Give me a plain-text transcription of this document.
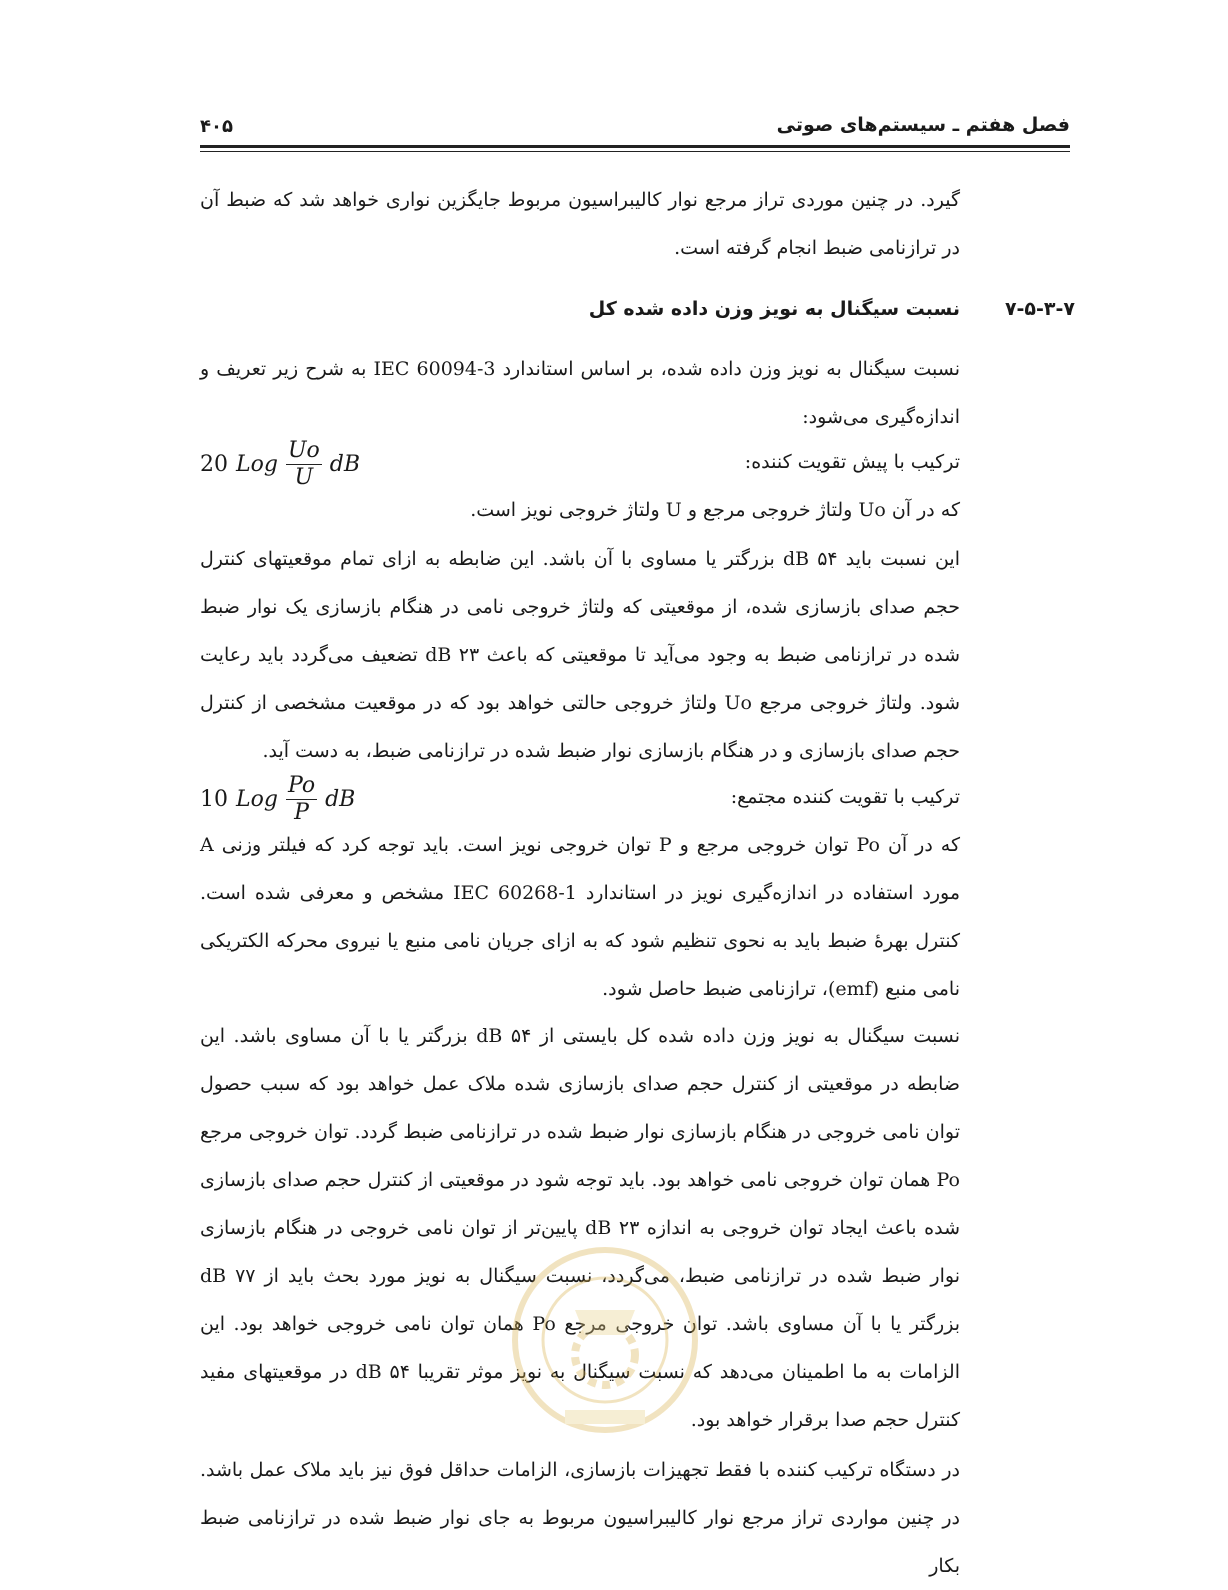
فصل هفتم ـ سیستم‌های صوتی
۴۰۵

گیرد. در چنین موردی تراز مرجع نوار کالیبراسیون مربوط جایگزین نواری خواهد شد که ضبط آن در ترازنامی ضبط انجام گرفته است.

۷-۵-۳-۷
نسبت سیگنال به نویز وزن داده شده کل

نسبت سیگنال به نویز وزن داده شده، بر اساس استاندارد IEC 60094-3 به شرح زیر تعریف و اندازه‌گیری می‌شود:

ترکیب با پیش تقویت کننده:
20 Log $\frac{Uo}{U}$ dB

که در آن Uo ولتاژ خروجی مرجع و U ولتاژ خروجی نویز است.

این نسبت باید ۵۴ dB بزرگتر یا مساوی با آن باشد. این ضابطه به ازای تمام موقعیتهای کنترل حجم صدای بازسازی شده، از موقعیتی که ولتاژ خروجی نامی در هنگام بازسازی یک نوار ضبط شده در ترازنامی ضبط به وجود می‌آید تا موقعیتی که باعث ۲۳ dB تضعیف می‌گردد باید رعایت شود. ولتاژ خروجی مرجع Uo ولتاژ خروجی حالتی خواهد بود که در موقعیت مشخصی از کنترل حجم صدای بازسازی و در هنگام بازسازی نوار ضبط شده در ترازنامی ضبط، به دست آید.

ترکیب با تقویت کننده مجتمع:
10 Log $\frac{Po}{P}$ dB

که در آن Po توان خروجی مرجع و P توان خروجی نویز است. باید توجه کرد که فیلتر وزنی A مورد استفاده در اندازه‌گیری نویز در استاندارد IEC 60268-1 مشخص و معرفی شده است. کنترل بهرهٔ ضبط باید به نحوی تنظیم شود که به ازای جریان نامی منبع یا نیروی محرکه الکتریکی نامی منبع (emf)، ترازنامی ضبط حاصل شود.

نسبت سیگنال به نویز وزن داده شده کل بایستی از ۵۴ dB بزرگتر یا با آن مساوی باشد. این ضابطه در موقعیتی از کنترل حجم صدای بازسازی شده ملاک عمل خواهد بود که سبب حصول توان نامی خروجی در هنگام بازسازی نوار ضبط شده در ترازنامی ضبط گردد. توان خروجی مرجع Po همان توان خروجی نامی خواهد بود. باید توجه شود در موقعیتی از کنترل حجم صدای بازسازی شده باعث ایجاد توان خروجی به اندازه ۲۳ dB پایین‌تر از توان نامی خروجی در هنگام بازسازی نوار ضبط شده در ترازنامی ضبط، می‌گردد، نسبت سیگنال به نویز مورد بحث باید از ۷۷ dB بزرگتر یا با آن مساوی باشد. توان خروجی مرجع Po همان توان نامی خروجی خواهد بود. این الزامات به ما اطمینان می‌دهد که نسبت سیگنال به نویز موثر تقریبا ۵۴ dB در موقعیتهای مفید کنترل حجم صدا برقرار خواهد بود.

در دستگاه ترکیب کننده با فقط تجهیزات بازسازی، الزامات حداقل فوق نیز باید ملاک عمل باشد. در چنین مواردی تراز مرجع نوار کالیبراسیون مربوط به جای نوار ضبط شده در ترازنامی ضبط بکار
